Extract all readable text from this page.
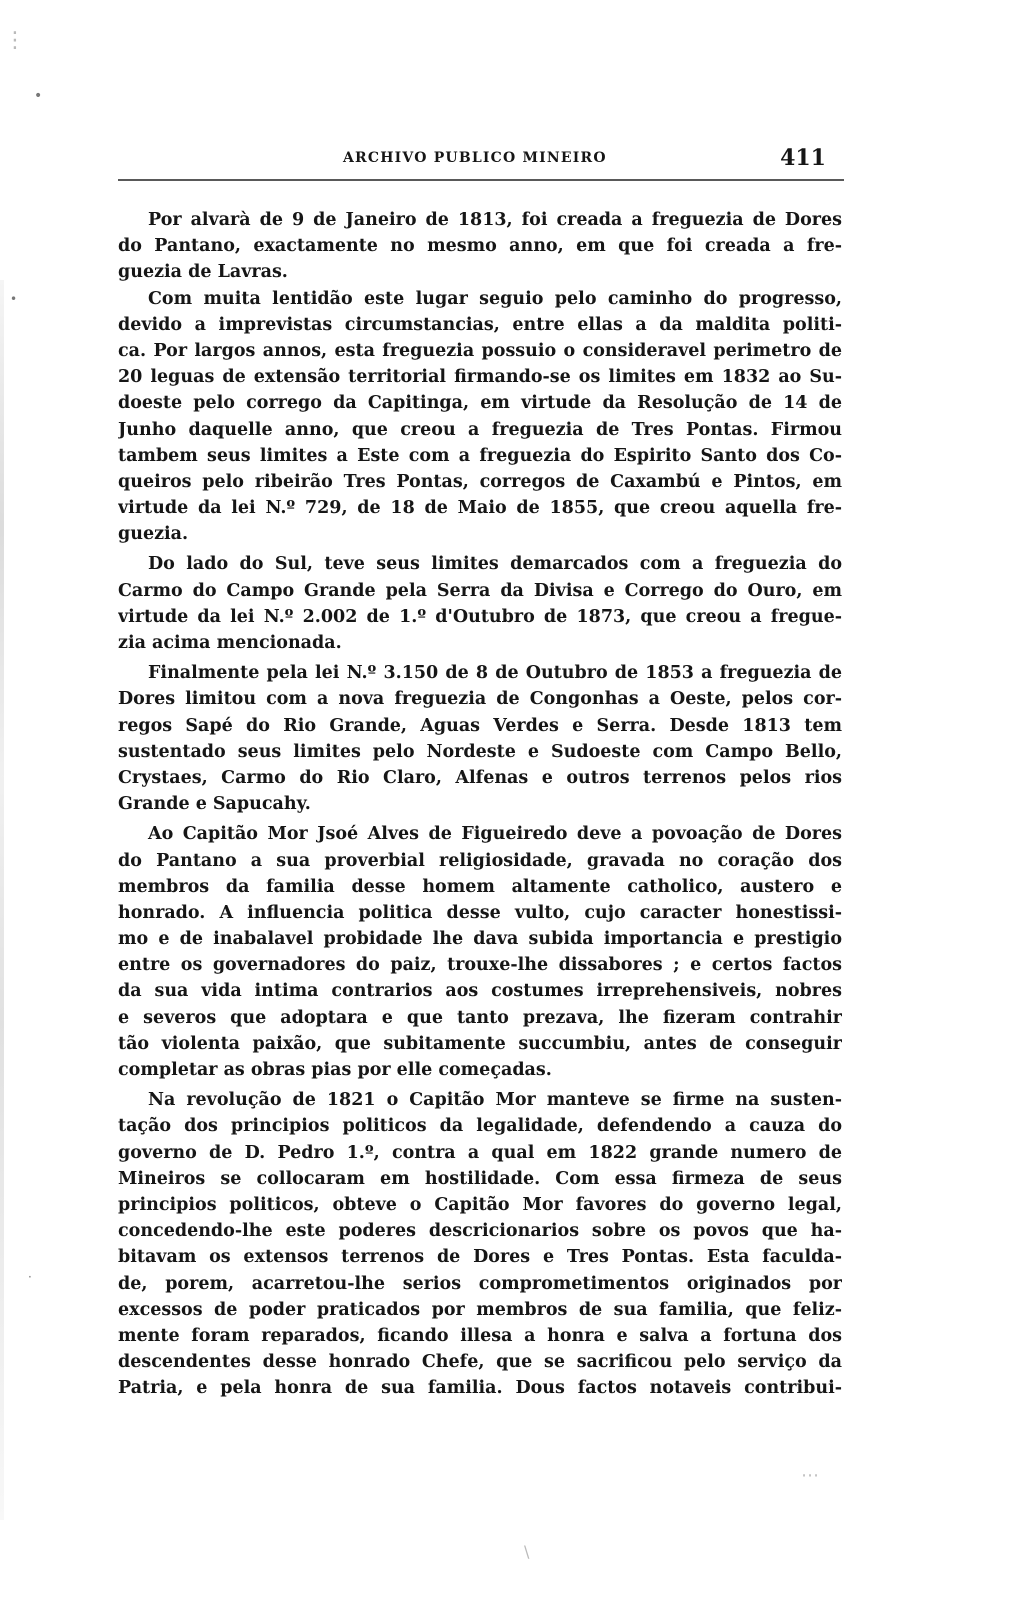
⋮
•
•
·
⋯
\
ARCHIVO PUBLICO MINEIRO	411
Por alvarà de 9 de Janeiro de 1813, foi creada a freguezia de Dores
do Pantano, exactamente no mesmo anno, em que foi creada a fre-
guezia de Lavras.
Com muita lentidão este lugar seguio pelo caminho do progresso,
devido a imprevistas circumstancias, entre ellas a da maldita politi-
ca. Por largos annos, esta freguezia possuio o consideravel perimetro de
20 leguas de extensão territorial firmando-se os limites em 1832 ao Su-
doeste pelo corrego da Capitinga, em virtude da Resolução de 14 de
Junho daquelle anno, que creou a freguezia de Tres Pontas. Firmou
tambem seus limites a Este com a freguezia do Espirito Santo dos Co-
queiros pelo ribeirão Tres Pontas, corregos de Caxambú e Pintos, em
virtude da lei N.º 729, de 18 de Maio de 1855, que creou aquella fre-
guezia.
Do lado do Sul, teve seus limites demarcados com a freguezia do
Carmo do Campo Grande pela Serra da Divisa e Corrego do Ouro, em
virtude da lei N.º 2.002 de 1.º d'Outubro de 1873, que creou a fregue-
zia acima mencionada.
Finalmente pela lei N.º 3.150 de 8 de Outubro de 1853 a freguezia de
Dores limitou com a nova freguezia de Congonhas a Oeste, pelos cor-
regos Sapé do Rio Grande, Aguas Verdes e Serra. Desde 1813 tem
sustentado seus limites pelo Nordeste e Sudoeste com Campo Bello,
Crystaes, Carmo do Rio Claro, Alfenas e outros terrenos pelos rios
Grande e Sapucahy.
Ao Capitão Mor Jsoé Alves de Figueiredo deve a povoação de Dores
do Pantano a sua proverbial religiosidade, gravada no coração dos
membros da familia desse homem altamente catholico, austero e
honrado. A influencia politica desse vulto, cujo caracter honestissi-
mo e de inabalavel probidade lhe dava subida importancia e prestigio
entre os governadores do paiz, trouxe-lhe dissabores ; e certos factos
da sua vida intima contrarios aos costumes irreprehensiveis, nobres
e severos que adoptara e que tanto prezava, lhe fizeram contrahir
tão violenta paixão, que subitamente succumbiu, antes de conseguir
completar as obras pias por elle começadas.
Na revolução de 1821 o Capitão Mor manteve se firme na susten-
tação dos principios politicos da legalidade, defendendo a cauza do
governo de D. Pedro 1.º, contra a qual em 1822 grande numero de
Mineiros se collocaram em hostilidade. Com essa firmeza de seus
principios politicos, obteve o Capitão Mor favores do governo legal,
concedendo-lhe este poderes descricionarios sobre os povos que ha-
bitavam os extensos terrenos de Dores e Tres Pontas. Esta faculda-
de, porem, acarretou-lhe serios comprometimentos originados por
excessos de poder praticados por membros de sua familia, que feliz-
mente foram reparados, ficando illesa a honra e salva a fortuna dos
descendentes desse honrado Chefe, que se sacrificou pelo serviço da
Patria, e pela honra de sua familia. Dous factos notaveis contribui-
